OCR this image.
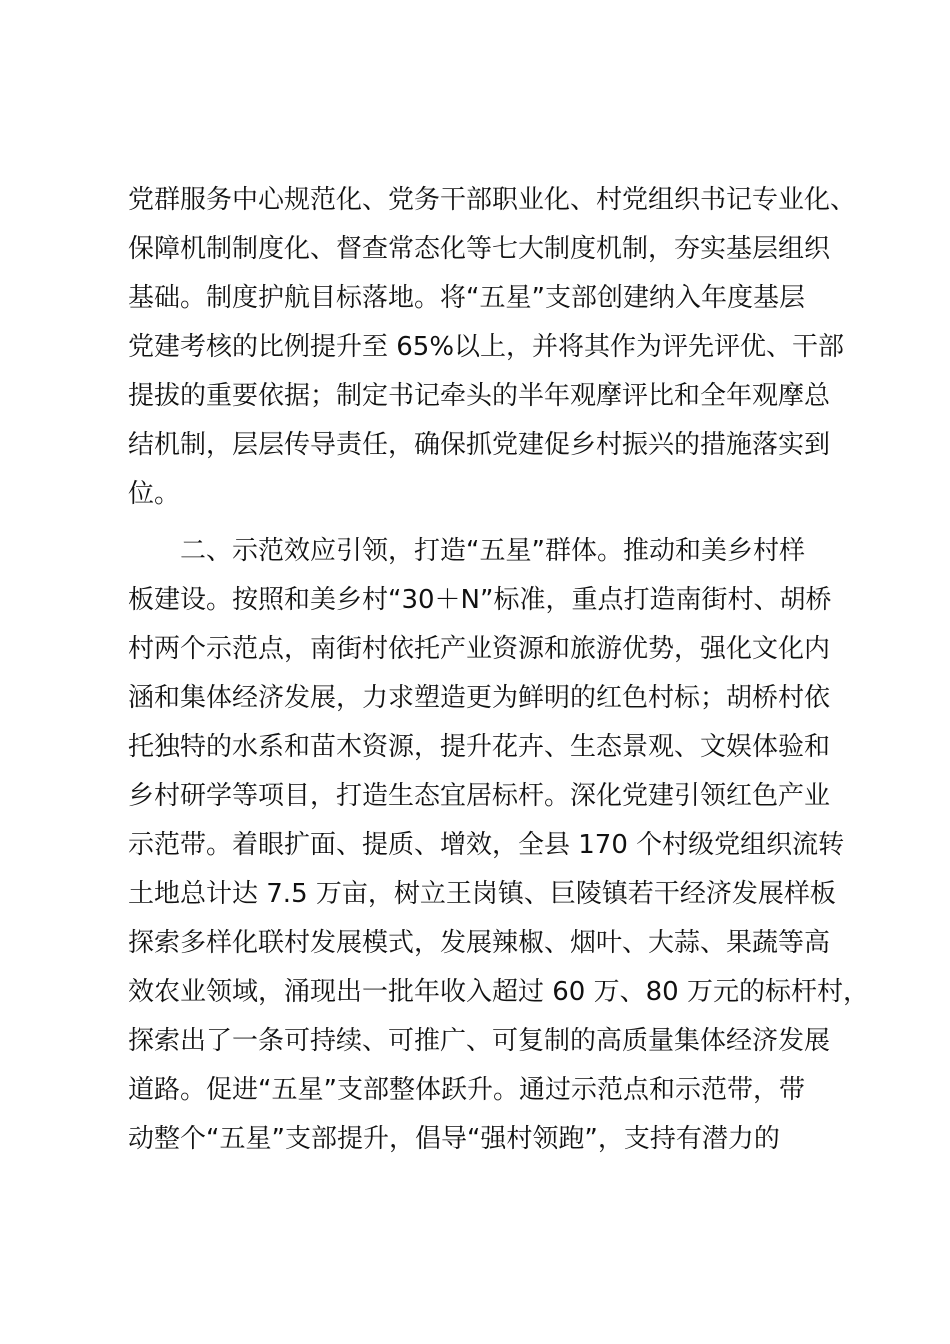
党群服务中心规范化、党务干部职业化、村党组织书记专业化、
保障机制制度化、督查常态化等七大制度机制，夯实基层组织
基础。制度护航目标落地。将“五星”支部创建纳入年度基层
党建考核的比例提升至 65%以上，并将其作为评先评优、干部
提拔的重要依据；制定书记牵头的半年观摩评比和全年观摩总
结机制，层层传导责任，确保抓党建促乡村振兴的措施落实到
位。
二、示范效应引领，打造“五星”群体。推动和美乡村样
板建设。按照和美乡村“30＋N”标准，重点打造南街村、胡桥
村两个示范点，南街村依托产业资源和旅游优势，强化文化内
涵和集体经济发展，力求塑造更为鲜明的红色村标；胡桥村依
托独特的水系和苗木资源，提升花卉、生态景观、文娱体验和
乡村研学等项目，打造生态宜居标杆。深化党建引领红色产业
示范带。着眼扩面、提质、增效，全县 170 个村级党组织流转
土地总计达 7.5 万亩，树立王岗镇、巨陵镇若干经济发展样板
探索多样化联村发展模式，发展辣椒、烟叶、大蒜、果蔬等高
效农业领域，涌现出一批年收入超过 60 万、80 万元的标杆村，
探索出了一条可持续、可推广、可复制的高质量集体经济发展
道路。促进“五星”支部整体跃升。通过示范点和示范带，带
动整个“五星”支部提升，倡导“强村领跑”，支持有潜力的
